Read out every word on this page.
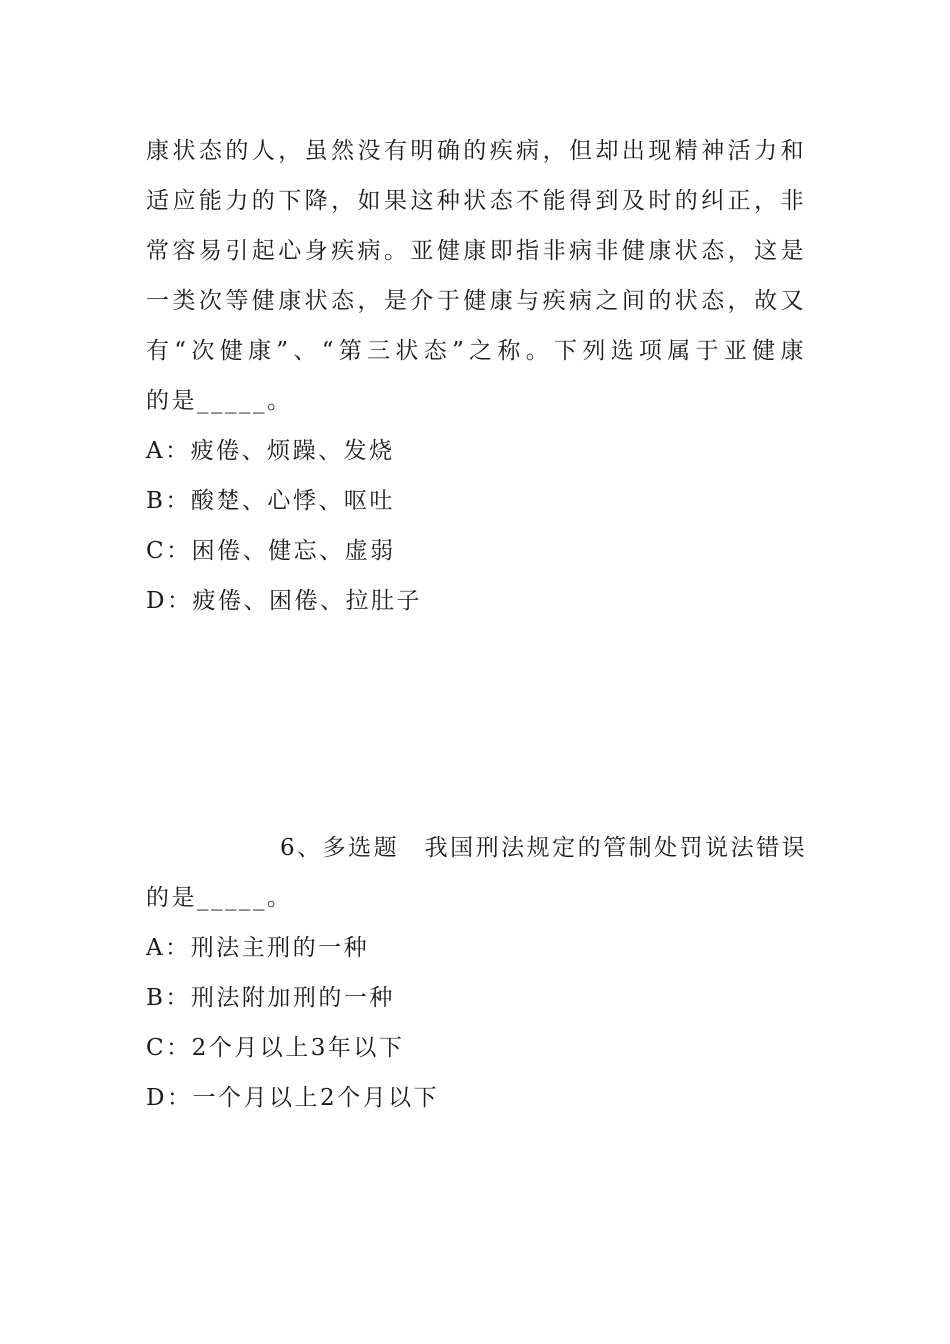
康状态的人，虽然没有明确的疾病，但却出现精神活力和
适应能力的下降，如果这种状态不能得到及时的纠正，非
常容易引起心身疾病。亚健康即指非病非健康状态，这是
一类次等健康状态，是介于健康与疾病之间的状态，故又
有“次健康”、“第三状态”之称。下列选项属于亚健康
的是_____。
A：疲倦、烦躁、发烧
B：酸楚、心悸、呕吐
C：困倦、健忘、虚弱
D：疲倦、困倦、拉肚子
6、多选题　我国刑法规定的管制处罚说法错误
的是_____。
A：刑法主刑的一种
B：刑法附加刑的一种
C：2个月以上3年以下
D：一个月以上2个月以下
